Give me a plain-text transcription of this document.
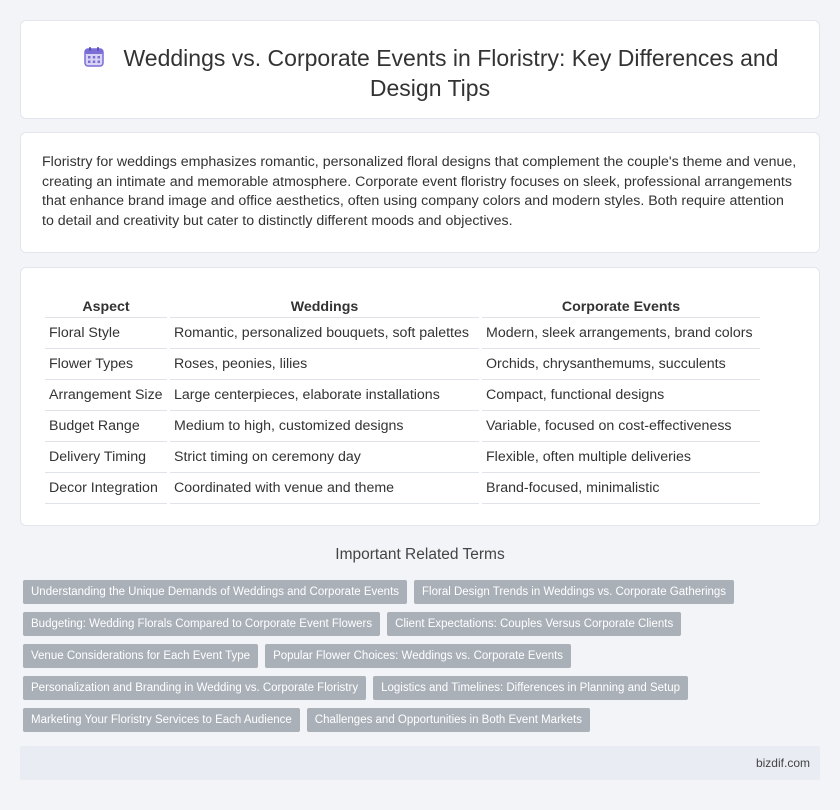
Weddings vs. Corporate Events in Floristry: Key Differences and Design Tips

Floristry for weddings emphasizes romantic, personalized floral designs that complement the couple's theme and venue, creating an intimate and memorable atmosphere. Corporate event floristry focuses on sleek, professional arrangements that enhance brand image and office aesthetics, often using company colors and modern styles. Both require attention to detail and creativity but cater to distinctly different moods and objectives.

Aspect	Weddings	Corporate Events
Floral Style	Romantic, personalized bouquets, soft palettes	Modern, sleek arrangements, brand colors
Flower Types	Roses, peonies, lilies	Orchids, chrysanthemums, succulents
Arrangement Size	Large centerpieces, elaborate installations	Compact, functional designs
Budget Range	Medium to high, customized designs	Variable, focused on cost-effectiveness
Delivery Timing	Strict timing on ceremony day	Flexible, often multiple deliveries
Decor Integration	Coordinated with venue and theme	Brand-focused, minimalistic
Important Related Terms
Understanding the Unique Demands of Weddings and Corporate Events Floral Design Trends in Weddings vs. Corporate Gatherings
Budgeting: Wedding Florals Compared to Corporate Event Flowers Client Expectations: Couples Versus Corporate Clients
Venue Considerations for Each Event Type Popular Flower Choices: Weddings vs. Corporate Events
Personalization and Branding in Wedding vs. Corporate Floristry Logistics and Timelines: Differences in Planning and Setup
Marketing Your Floristry Services to Each Audience Challenges and Opportunities in Both Event Markets
bizdif.com
